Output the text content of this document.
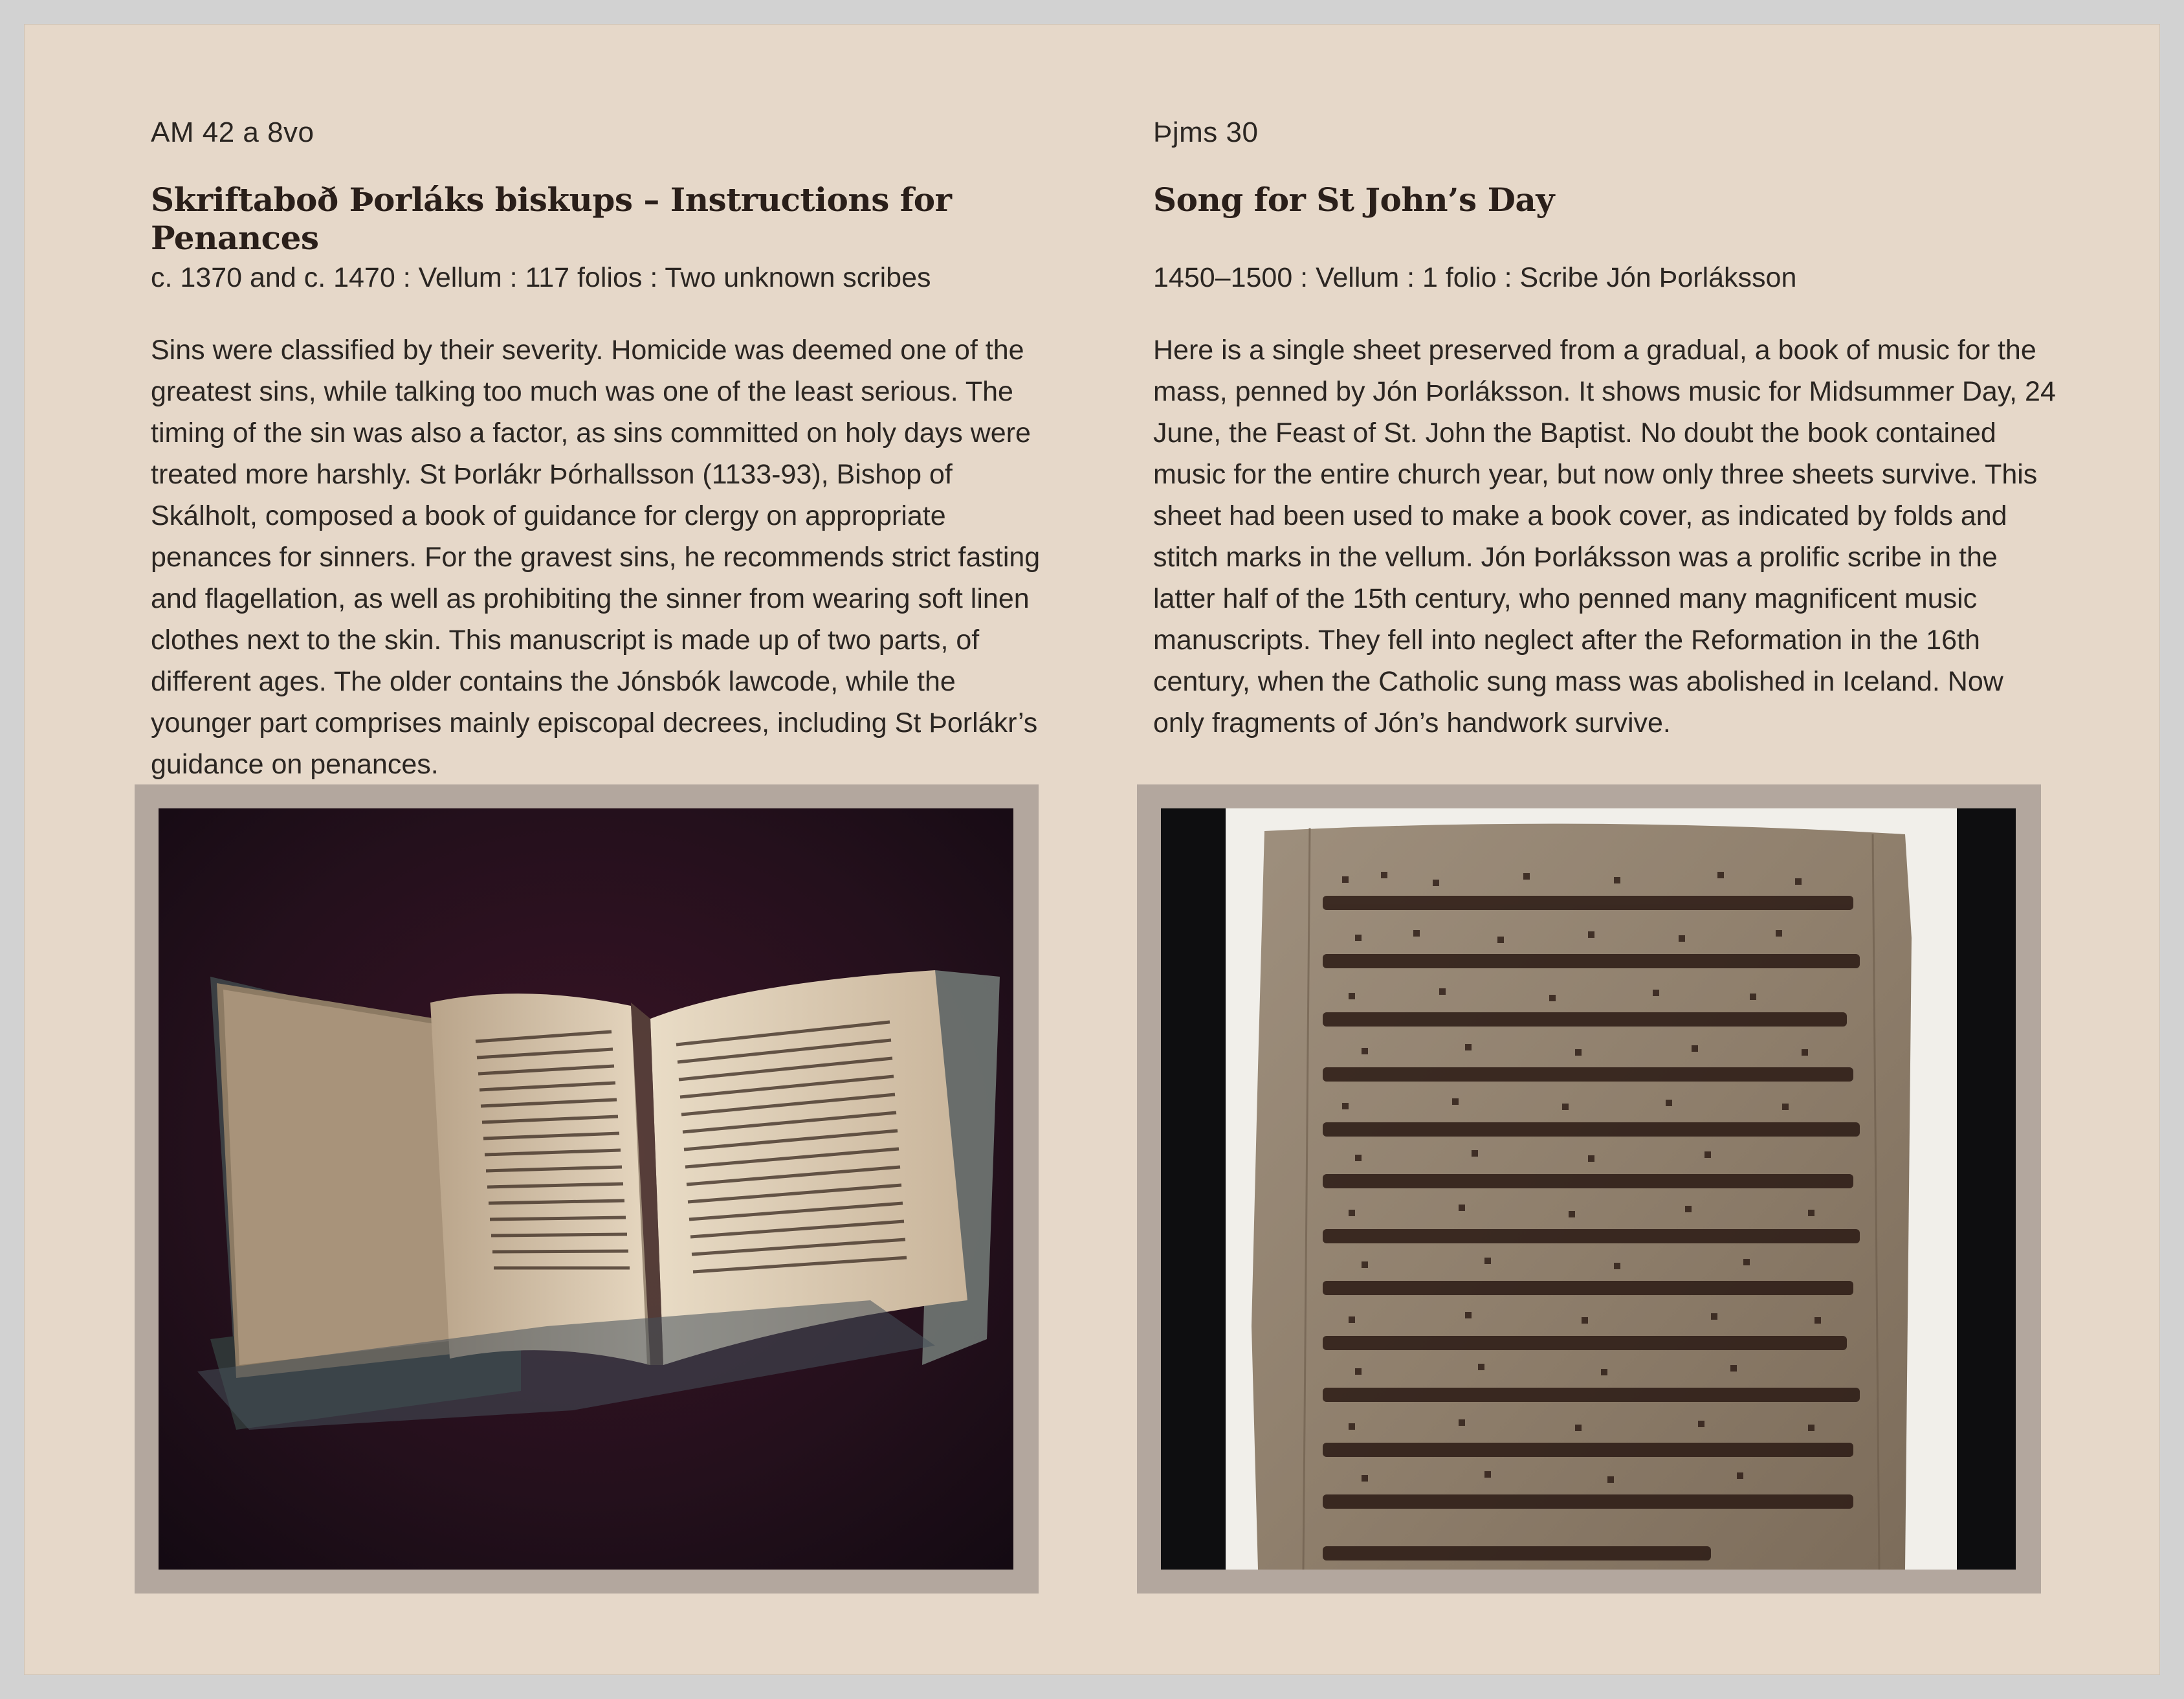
AM 42 a 8vo
Skriftaboð Þorláks biskups – Instructions for Penances
c. 1370 and c. 1470 : Vellum : 117 folios : Two unknown scribes
Sins were classified by their severity. Homicide was deemed one of the greatest sins, while talking too much was one of the least serious. The timing of the sin was also a factor, as sins committed on holy days were treated more harshly. St Þorlákr Þórhallsson (1133-93), Bishop of Skálholt, composed a book of guidance for clergy on appropriate penances for sinners. For the gravest sins, he recommends strict fasting and flagellation, as well as prohibiting the sinner from wearing soft linen clothes next to the skin. This manuscript is made up of two parts, of different ages. The older contains the Jónsbók lawcode, while the younger part comprises mainly episcopal decrees, including St Þorlákr’s guidance on penances.
Þjms 30
Song for St John’s Day
1450–1500 : Vellum : 1 folio : Scribe Jón Þorláksson
Here is a single sheet preserved from a gradual, a book of music for the mass, penned by Jón Þorláksson. It shows music for Midsummer Day, 24 June, the Feast of St. John the Baptist. No doubt the book contained music for the entire church year, but now only three sheets survive. This sheet had been used to make a book cover, as indicated by folds and stitch marks in the vellum. Jón Þorláksson was a prolific scribe in the latter half of the 15th century, who penned many magnificent music manuscripts. They fell into neglect after the Reformation in the 16th century, when the Catholic sung mass was abolished in Iceland. Now only fragments of Jón’s handwork survive.
